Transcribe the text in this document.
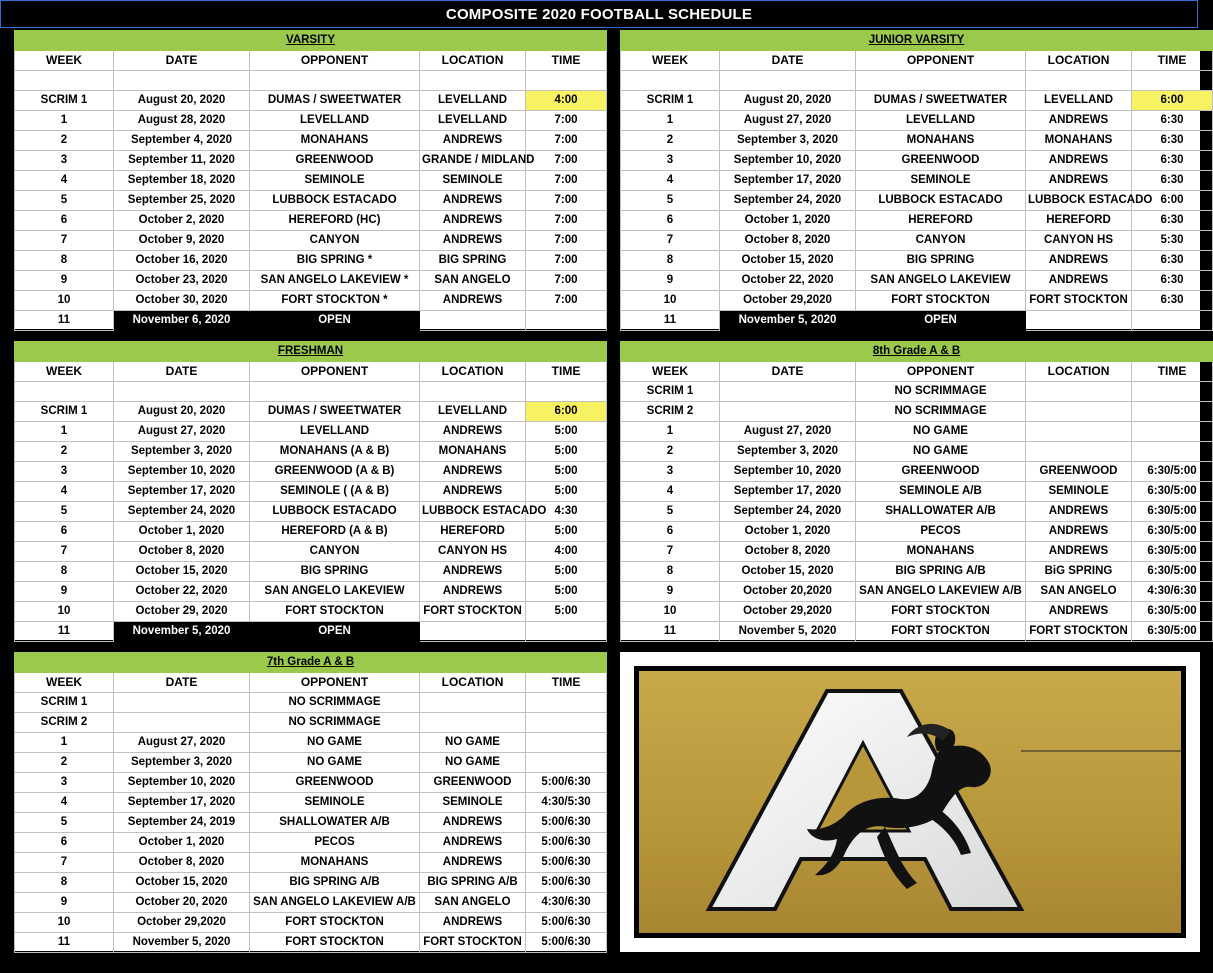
COMPOSITE 2020 FOOTBALL SCHEDULE
VARSITY				
WEEK	DATE	OPPONENT	LOCATION	TIME

SCRIM 1	August 20, 2020	DUMAS / SWEETWATER	LEVELLAND	4:00
1	August 28, 2020	LEVELLAND	LEVELLAND	7:00
2	September 4, 2020	MONAHANS	ANDREWS	7:00
3	September 11, 2020	GREENWOOD	GRANDE / MIDLAND	7:00
4	September 18, 2020	SEMINOLE	SEMINOLE	7:00
5	September 25, 2020	LUBBOCK ESTACADO	ANDREWS	7:00
6	October 2, 2020	HEREFORD (HC)	ANDREWS	7:00
7	October 9, 2020	CANYON	ANDREWS	7:00
8	October 16, 2020	BIG SPRING *	BIG SPRING	7:00
9	October 23, 2020	SAN ANGELO LAKEVIEW *	SAN ANGELO	7:00
10	October 30, 2020	FORT STOCKTON *	ANDREWS	7:00
11	November 6, 2020	OPEN		
JUNIOR VARSITY				
WEEK	DATE	OPPONENT	LOCATION	TIME

SCRIM 1	August 20, 2020	DUMAS / SWEETWATER	LEVELLAND	6:00
1	August 27, 2020	LEVELLAND	ANDREWS	6:30
2	September 3, 2020	MONAHANS	MONAHANS	6:30
3	September 10, 2020	GREENWOOD	ANDREWS	6:30
4	September 17, 2020	SEMINOLE	ANDREWS	6:30
5	September 24, 2020	LUBBOCK ESTACADO	LUBBOCK ESTACADO	6:00
6	October 1, 2020	HEREFORD	HEREFORD	6:30
7	October 8, 2020	CANYON	CANYON HS	5:30
8	October 15, 2020	BIG SPRING	ANDREWS	6:30
9	October 22, 2020	SAN ANGELO LAKEVIEW	ANDREWS	6:30
10	October 29,2020	FORT STOCKTON	FORT STOCKTON	6:30
11	November 5, 2020	OPEN		
FRESHMAN				
WEEK	DATE	OPPONENT	LOCATION	TIME

SCRIM 1	August 20, 2020	DUMAS / SWEETWATER	LEVELLAND	6:00
1	August 27, 2020	LEVELLAND	ANDREWS	5:00
2	September 3, 2020	MONAHANS (A & B)	MONAHANS	5:00
3	September 10, 2020	GREENWOOD (A & B)	ANDREWS	5:00
4	September 17, 2020	SEMINOLE ( (A & B)	ANDREWS	5:00
5	September 24, 2020	LUBBOCK ESTACADO	LUBBOCK ESTACADO	4:30
6	October 1, 2020	HEREFORD (A & B)	HEREFORD	5:00
7	October 8, 2020	CANYON	CANYON HS	4:00
8	October 15, 2020	BIG SPRING	ANDREWS	5:00
9	October 22, 2020	SAN ANGELO LAKEVIEW	ANDREWS	5:00
10	October 29, 2020	FORT STOCKTON	FORT STOCKTON	5:00
11	November 5, 2020	OPEN		
8th Grade A & B				
WEEK	DATE	OPPONENT	LOCATION	TIME
SCRIM 1		NO SCRIMMAGE		
SCRIM 2		NO SCRIMMAGE		
1	August 27, 2020	NO GAME		
2	September 3, 2020	NO GAME		
3	September 10, 2020	GREENWOOD	GREENWOOD	6:30/5:00
4	September 17, 2020	SEMINOLE A/B	SEMINOLE	6:30/5:00
5	September 24, 2020	SHALLOWATER A/B	ANDREWS	6:30/5:00
6	October 1, 2020	PECOS	ANDREWS	6:30/5:00
7	October 8, 2020	MONAHANS	ANDREWS	6:30/5:00
8	October 15, 2020	BIG SPRING A/B	BiG SPRING	6:30/5:00
9	October 20,2020	SAN ANGELO LAKEVIEW A/B	SAN ANGELO	4:30/6:30
10	October 29,2020	FORT STOCKTON	ANDREWS	6:30/5:00
11	November 5, 2020	FORT STOCKTON	FORT STOCKTON	6:30/5:00
7th Grade A & B				
WEEK	DATE	OPPONENT	LOCATION	TIME
SCRIM 1		NO SCRIMMAGE		
SCRIM 2		NO SCRIMMAGE		
1	August 27, 2020	NO GAME	NO GAME	
2	September 3, 2020	NO GAME	NO GAME	
3	September 10, 2020	GREENWOOD	GREENWOOD	5:00/6:30
4	September 17, 2020	SEMINOLE	SEMINOLE	4:30/5:30
5	September 24, 2019	SHALLOWATER A/B	ANDREWS	5:00/6:30
6	October 1, 2020	PECOS	ANDREWS	5:00/6:30
7	October 8, 2020	MONAHANS	ANDREWS	5:00/6:30
8	October 15, 2020	BIG SPRING A/B	BIG SPRING A/B	5:00/6:30
9	October 20, 2020	SAN ANGELO LAKEVIEW A/B	SAN ANGELO	4:30/6:30
10	October 29,2020	FORT STOCKTON	ANDREWS	5:00/6:30
11	November 5, 2020	FORT STOCKTON	FORT STOCKTON	5:00/6:30
